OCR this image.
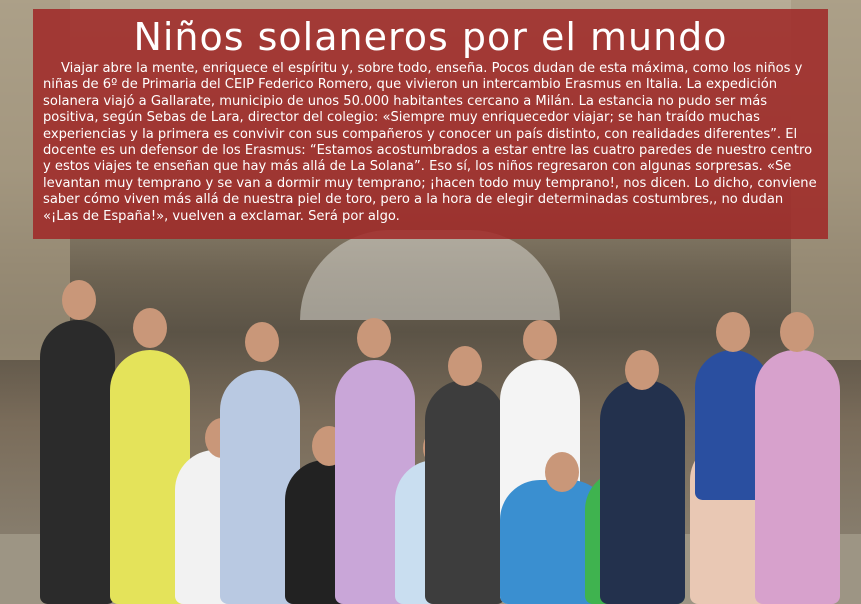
Niños solaneros por el mundo

Viajar abre la mente, enriquece el espíritu y, sobre todo, enseña. Pocos dudan de esta máxima, como los niños y niñas de 6º de Primaria del CEIP Federico Romero, que vivieron un intercambio Erasmus en Italia. La expedición solanera viajó a Gallarate, municipio de unos 50.000 habitantes cercano a Milán. La estancia no pudo ser más positiva, según Sebas de Lara, director del colegio: «Siempre muy enriquecedor viajar; se han traído muchas experiencias y la primera es convivir con sus compañeros y conocer un país distinto, con realidades diferentes”. El docente es un defensor de los Erasmus: “Estamos acostumbrados a estar entre las cuatro paredes de nuestro centro y estos viajes te enseñan que hay más allá de La Solana”. Eso sí, los niños regresaron con algunas sorpresas. «Se levantan muy temprano y se van a dormir muy temprano; ¡hacen todo muy temprano!, nos dicen. Lo dicho, conviene saber cómo viven más allá de nuestra piel de toro, pero a la hora de elegir determinadas costumbres,, no dudan «¡Las de España!», vuelven a exclamar. Será por algo.
